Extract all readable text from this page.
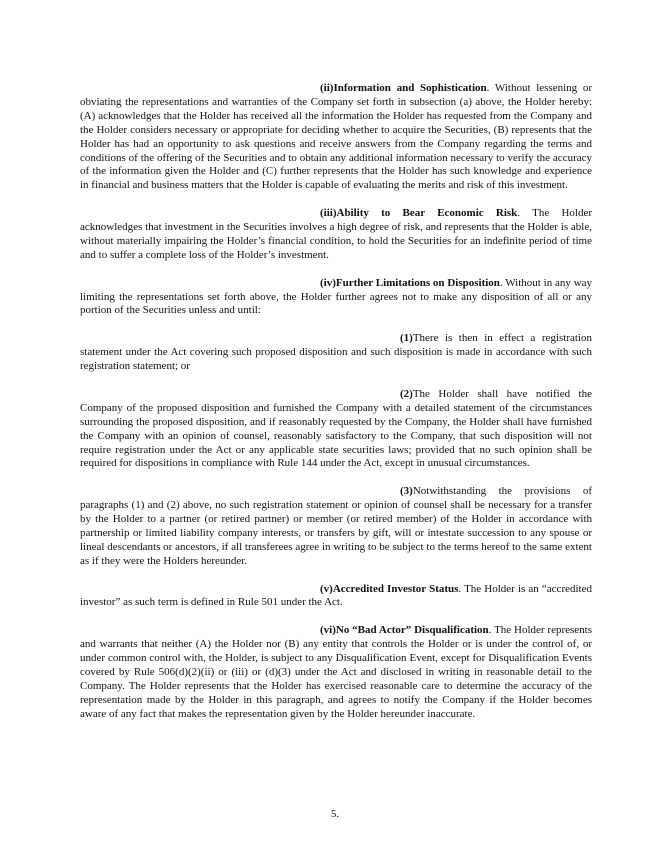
(ii)Information and Sophistication. Without lessening or obviating the representations and warranties of the Company set forth in subsection (a) above, the Holder hereby: (A) acknowledges that the Holder has received all the information the Holder has requested from the Company and the Holder considers necessary or appropriate for deciding whether to acquire the Securities, (B) represents that the Holder has had an opportunity to ask questions and receive answers from the Company regarding the terms and conditions of the offering of the Securities and to obtain any additional information necessary to verify the accuracy of the information given the Holder and (C) further represents that the Holder has such knowledge and experience in financial and business matters that the Holder is capable of evaluating the merits and risk of this investment.

(iii)Ability to Bear Economic Risk. The Holder acknowledges that investment in the Securities involves a high degree of risk, and represents that the Holder is able, without materially impairing the Holder’s financial condition, to hold the Securities for an indefinite period of time and to suffer a complete loss of the Holder’s investment.

(iv)Further Limitations on Disposition. Without in any way limiting the representations set forth above, the Holder further agrees not to make any disposition of all or any portion of the Securities unless and until:

(1)There is then in effect a registration statement under the Act covering such proposed disposition and such disposition is made in accordance with such registration statement; or

(2)The Holder shall have notified the Company of the proposed disposition and furnished the Company with a detailed statement of the circumstances surrounding the proposed disposition, and if reasonably requested by the Company, the Holder shall have furnished the Company with an opinion of counsel, reasonably satisfactory to the Company, that such disposition will not require registration under the Act or any applicable state securities laws; provided that no such opinion shall be required for dispositions in compliance with Rule 144 under the Act, except in unusual circumstances.

(3)Notwithstanding the provisions of paragraphs (1) and (2) above, no such registration statement or opinion of counsel shall be necessary for a transfer by the Holder to a partner (or retired partner) or member (or retired member) of the Holder in accordance with partnership or limited liability company interests, or transfers by gift, will or intestate succession to any spouse or lineal descendants or ancestors, if all transferees agree in writing to be subject to the terms hereof to the same extent as if they were the Holders hereunder.

(v)Accredited Investor Status. The Holder is an “accredited investor” as such term is defined in Rule 501 under the Act.

(vi)No “Bad Actor” Disqualification. The Holder represents and warrants that neither (A) the Holder nor (B) any entity that controls the Holder or is under the control of, or under common control with, the Holder, is subject to any Disqualification Event, except for Disqualification Events covered by Rule 506(d)(2)(ii) or (iii) or (d)(3) under the Act and disclosed in writing in reasonable detail to the Company. The Holder represents that the Holder has exercised reasonable care to determine the accuracy of the representation made by the Holder in this paragraph, and agrees to notify the Company if the Holder becomes aware of any fact that makes the representation given by the Holder hereunder inaccurate.

5.
